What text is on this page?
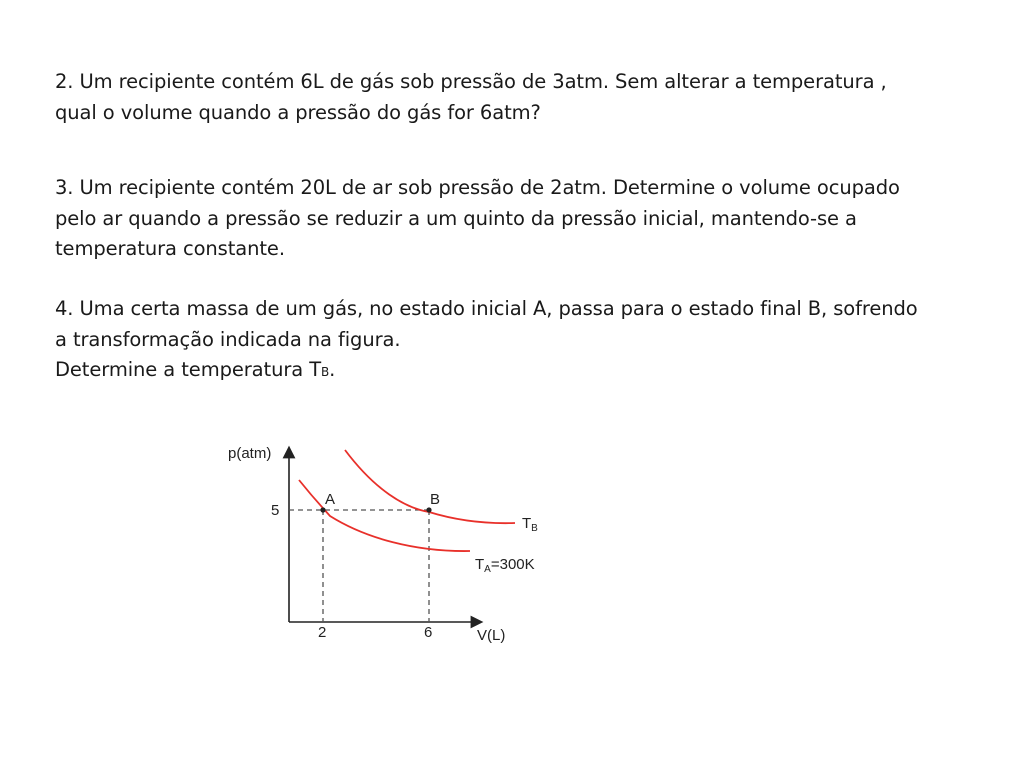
2. Um recipiente contém 6L de gás sob pressão de 3atm. Sem alterar a temperatura ,
qual o volume quando a pressão do gás for 6atm?
3. Um recipiente contém 20L de ar sob pressão de 2atm. Determine o volume ocupado
pelo ar quando a pressão se reduzir a um quinto da pressão inicial, mantendo-se a
temperatura constante.
4. Uma certa massa de um gás, no estado inicial A, passa para o estado final B, sofrendo
a transformação indicada na figura.
Determine a temperatura TB.
p(atm)
5
2	6	V(L)
A	B
$T_B$
$T_A=300K$
